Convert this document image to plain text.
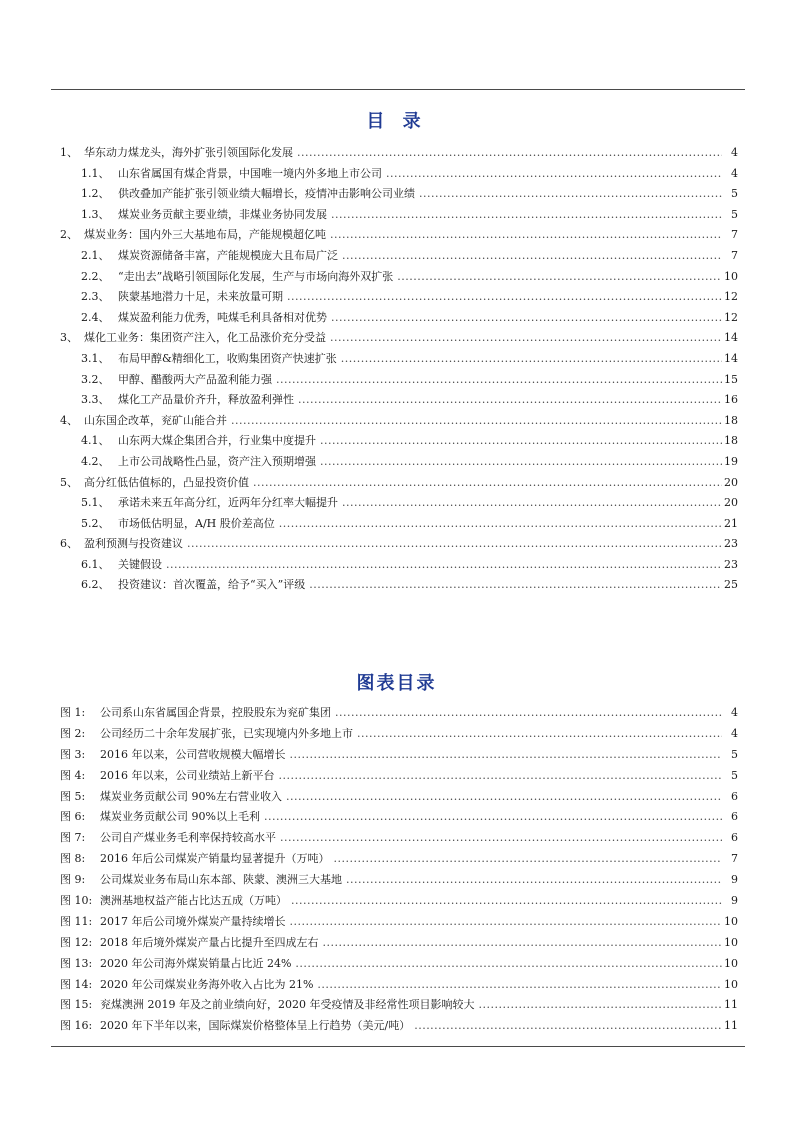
目 录
1、 华东动力煤龙头，海外扩张引领国际化发展 .....	4
1.1、 山东省属国有煤企背景，中国唯一境内外多地上市公司 .....	4
1.2、 供改叠加产能扩张引领业绩大幅增长，疫情冲击影响公司业绩 .....	5
1.3、 煤炭业务贡献主要业绩，非煤业务协同发展 .....	5
2、 煤炭业务：国内外三大基地布局，产能规模超亿吨 .....	7
2.1、 煤炭资源储备丰富，产能规模庞大且布局广泛 .....	7
2.2、 “走出去”战略引领国际化发展，生产与市场向海外双扩张 .....	10
2.3、 陕蒙基地潜力十足，未来放量可期 .....	12
2.4、 煤炭盈利能力优秀，吨煤毛利具备相对优势 .....	12
3、 煤化工业务：集团资产注入，化工品涨价充分受益 .....	14
3.1、 布局甲醇&精细化工，收购集团资产快速扩张 .....	14
3.2、 甲醇、醋酸两大产品盈利能力强 .....	15
3.3、 煤化工产品量价齐升，释放盈利弹性 .....	16
4、 山东国企改革，兖矿山能合并 .....	18
4.1、 山东两大煤企集团合并，行业集中度提升 .....	18
4.2、 上市公司战略性凸显，资产注入预期增强 .....	19
5、 高分红低估值标的，凸显投资价值 .....	20
5.1、 承诺未来五年高分红，近两年分红率大幅提升 .....	20
5.2、 市场低估明显，A/H 股价差高位 .....	21
6、 盈利预测与投资建议 .....	23
6.1、 关键假设 .....	23
6.2、 投资建议：首次覆盖，给予“买入”评级 .....	25
图表目录
图 1: 公司系山东省属国企背景，控股股东为兖矿集团 .....	4
图 2: 公司经历二十余年发展扩张，已实现境内外多地上市 .....	4
图 3: 2016 年以来，公司营收规模大幅增长 .....	5
图 4: 2016 年以来，公司业绩站上新平台 .....	5
图 5: 煤炭业务贡献公司 90%左右营业收入 .....	6
图 6: 煤炭业务贡献公司 90%以上毛利 .....	6
图 7: 公司自产煤业务毛利率保持较高水平 .....	6
图 8: 2016 年后公司煤炭产销量均显著提升（万吨） .....	7
图 9: 公司煤炭业务布局山东本部、陕蒙、澳洲三大基地 .....	9
图 10: 澳洲基地权益产能占比达五成（万吨） .....	9
图 11: 2017 年后公司境外煤炭产量持续增长 .....	10
图 12: 2018 年后境外煤炭产量占比提升至四成左右 .....	10
图 13: 2020 年公司海外煤炭销量占比近 24% .....	10
图 14: 2020 年公司煤炭业务海外收入占比为 21% .....	10
图 15: 兖煤澳洲 2019 年及之前业绩向好，2020 年受疫情及非经常性项目影响较大 .....	11
图 16: 2020 年下半年以来，国际煤炭价格整体呈上行趋势（美元/吨） .....	11
